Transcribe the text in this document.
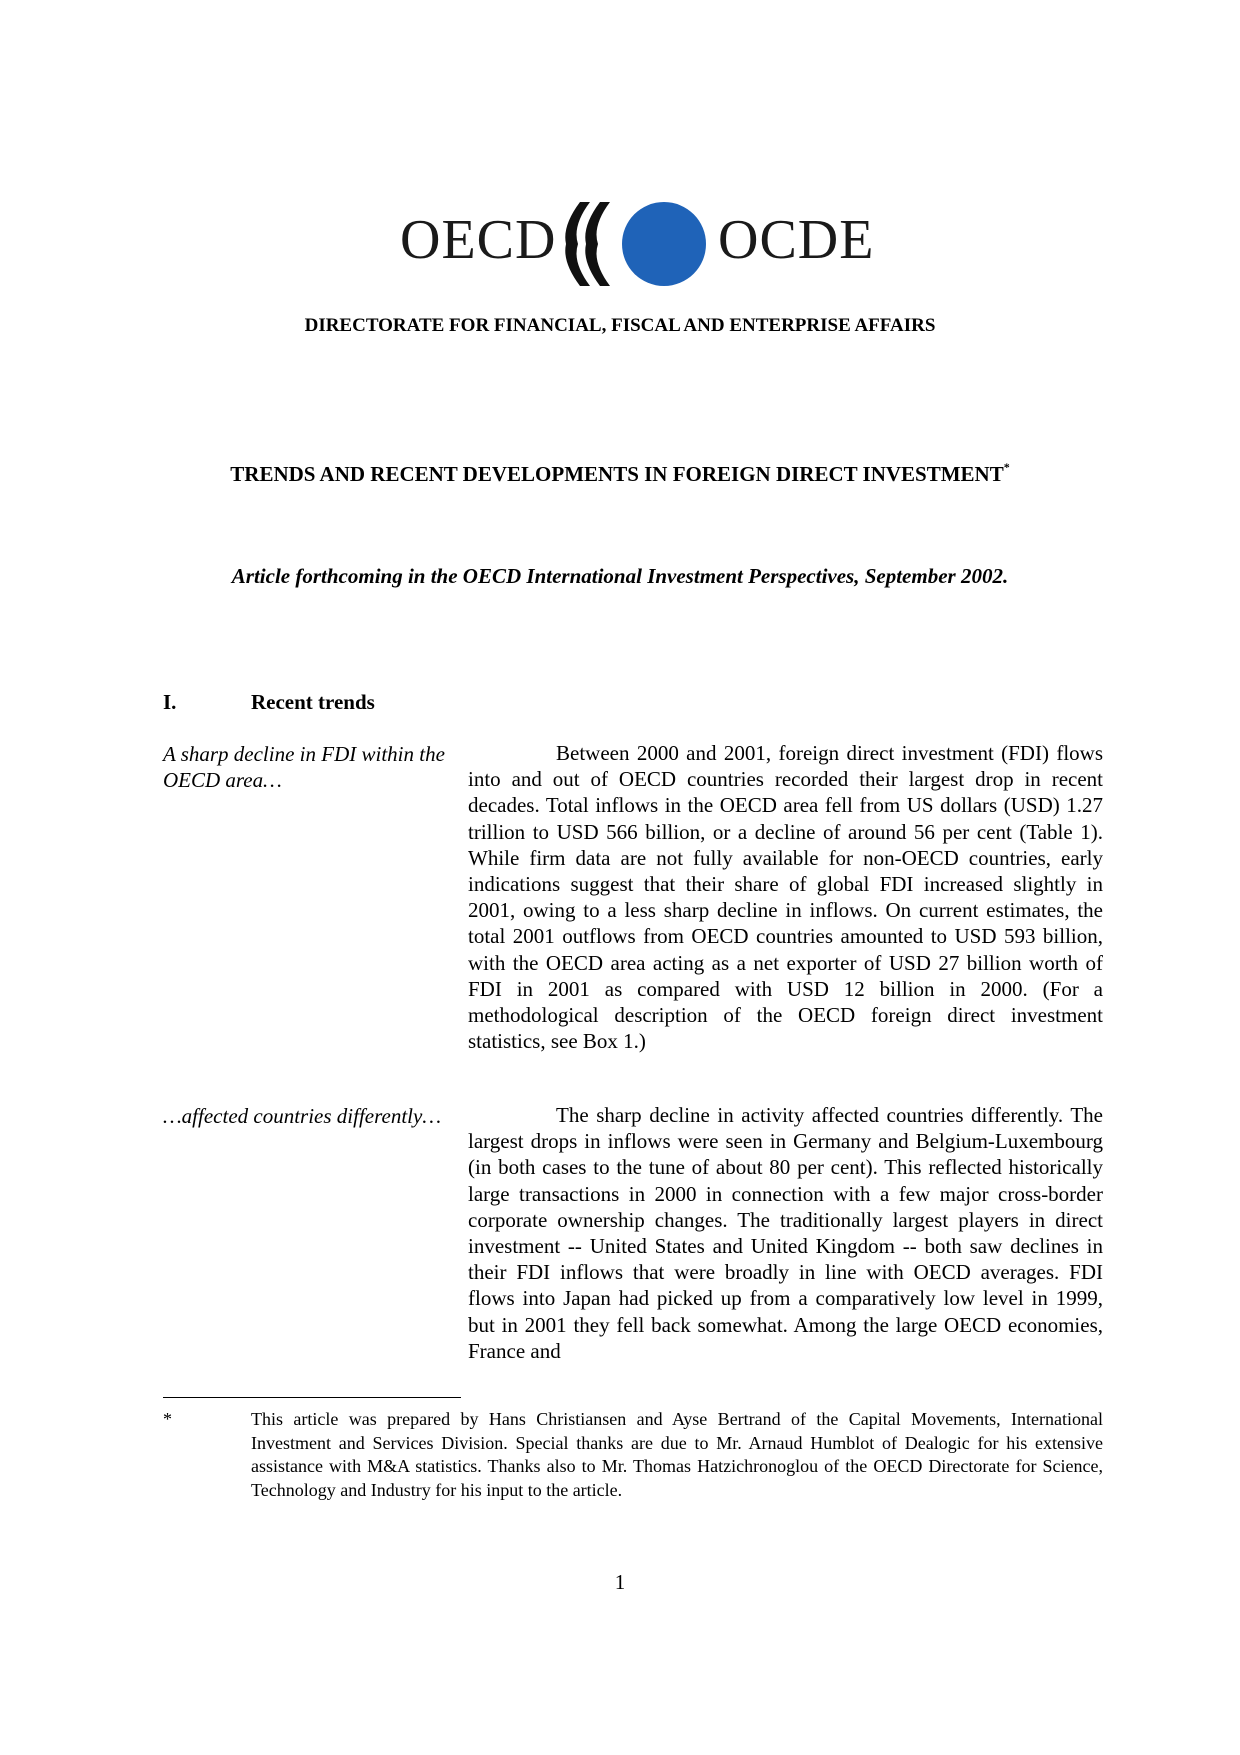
OECD	OCDE
DIRECTORATE FOR FINANCIAL, FISCAL AND ENTERPRISE AFFAIRS
TRENDS AND RECENT DEVELOPMENTS IN FOREIGN DIRECT INVESTMENT*
Article forthcoming in the OECD International Investment Perspectives, September 2002.
I.	Recent trends
A sharp decline in FDI within the OECD area…
Between 2000 and 2001, foreign direct investment (FDI) flows into and out of OECD countries recorded their largest drop in recent decades. Total inflows in the OECD area fell from US dollars (USD) 1.27 trillion to USD 566 billion, or a decline of around 56 per cent (Table 1). While firm data are not fully available for non-OECD countries, early indications suggest that their share of global FDI increased slightly in 2001, owing to a less sharp decline in inflows. On current estimates, the total 2001 outflows from OECD countries amounted to USD 593 billion, with the OECD area acting as a net exporter of USD 27 billion worth of FDI in 2001 as compared with USD 12 billion in 2000. (For a methodological description of the OECD foreign direct investment statistics, see Box 1.)
…affected countries differently…	The sharp decline in activity affected countries differently. The largest drops in inflows were seen in Germany and Belgium-Luxembourg (in both cases to the tune of about 80 per cent). This reflected historically large transactions in 2000 in connection with a few major cross-border corporate ownership changes. The traditionally largest players in direct investment -- United States and United Kingdom -- both saw declines in their FDI inflows that were broadly in line with OECD averages. FDI flows into Japan had picked up from a comparatively low level in 1999, but in 2001 they fell back somewhat. Among the large OECD economies, France and
*	This article was prepared by Hans Christiansen and Ayse Bertrand of the Capital Movements, International Investment and Services Division. Special thanks are due to Mr. Arnaud Humblot of Dealogic for his extensive assistance with M&A statistics. Thanks also to Mr. Thomas Hatzichronoglou of the OECD Directorate for Science, Technology and Industry for his input to the article.
1
